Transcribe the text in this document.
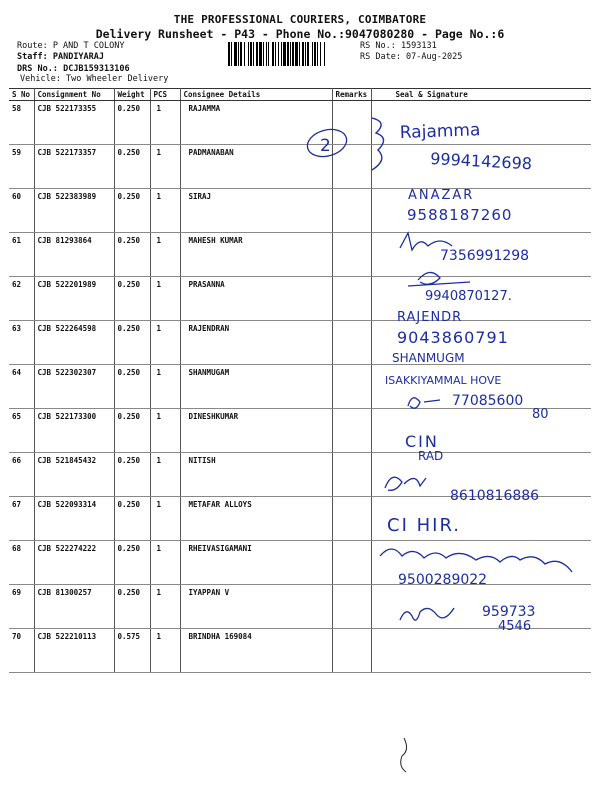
THE PROFESSIONAL COURIERS, COIMBATORE
Delivery Runsheet - P43 - Phone No.:9047080280 - Page No.:6
Route: P AND T COLONY
Staff: PANDIYARAJ
DRS No.: DCJB159313106
Vehicle: Two Wheeler Delivery
RS No.: 1593131
RS Date: 07-Aug-2025
S No	Consignment No	Weight	PCS	Consignee Details	Remarks	Seal & Signature
58	CJB 522173355	0.250	1	RAJAMMA		
59	CJB 522173357	0.250	1	PADMANABAN		
60	CJB 522383989	0.250	1	SIRAJ		
61	CJB 81293864	0.250	1	MAHESH KUMAR		
62	CJB 522201989	0.250	1	PRASANNA		
63	CJB 522264598	0.250	1	RAJENDRAN		
64	CJB 522302307	0.250	1	SHANMUGAM		
65	CJB 522173300	0.250	1	DINESHKUMAR		
66	CJB 521845432	0.250	1	NITISH		
67	CJB 522093314	0.250	1	METAFAR ALLOYS		
68	CJB 522274222	0.250	1	RHEIVASIGAMANI		
69	CJB 81300257	0.250	1	IYAPPAN V		
70	CJB 522210113	0.575	1	BRINDHA 169084		
2
Rajamma
9994142698
ANAZAR
9588187260
7356991298
9940870127.
RAJENDR
9043860791
SHANMUGM
ISAKKIYAMMAL HOVE
77085600
80
CIN
RAD
8610816886
CI HIR.
9500289022
959733
4546
